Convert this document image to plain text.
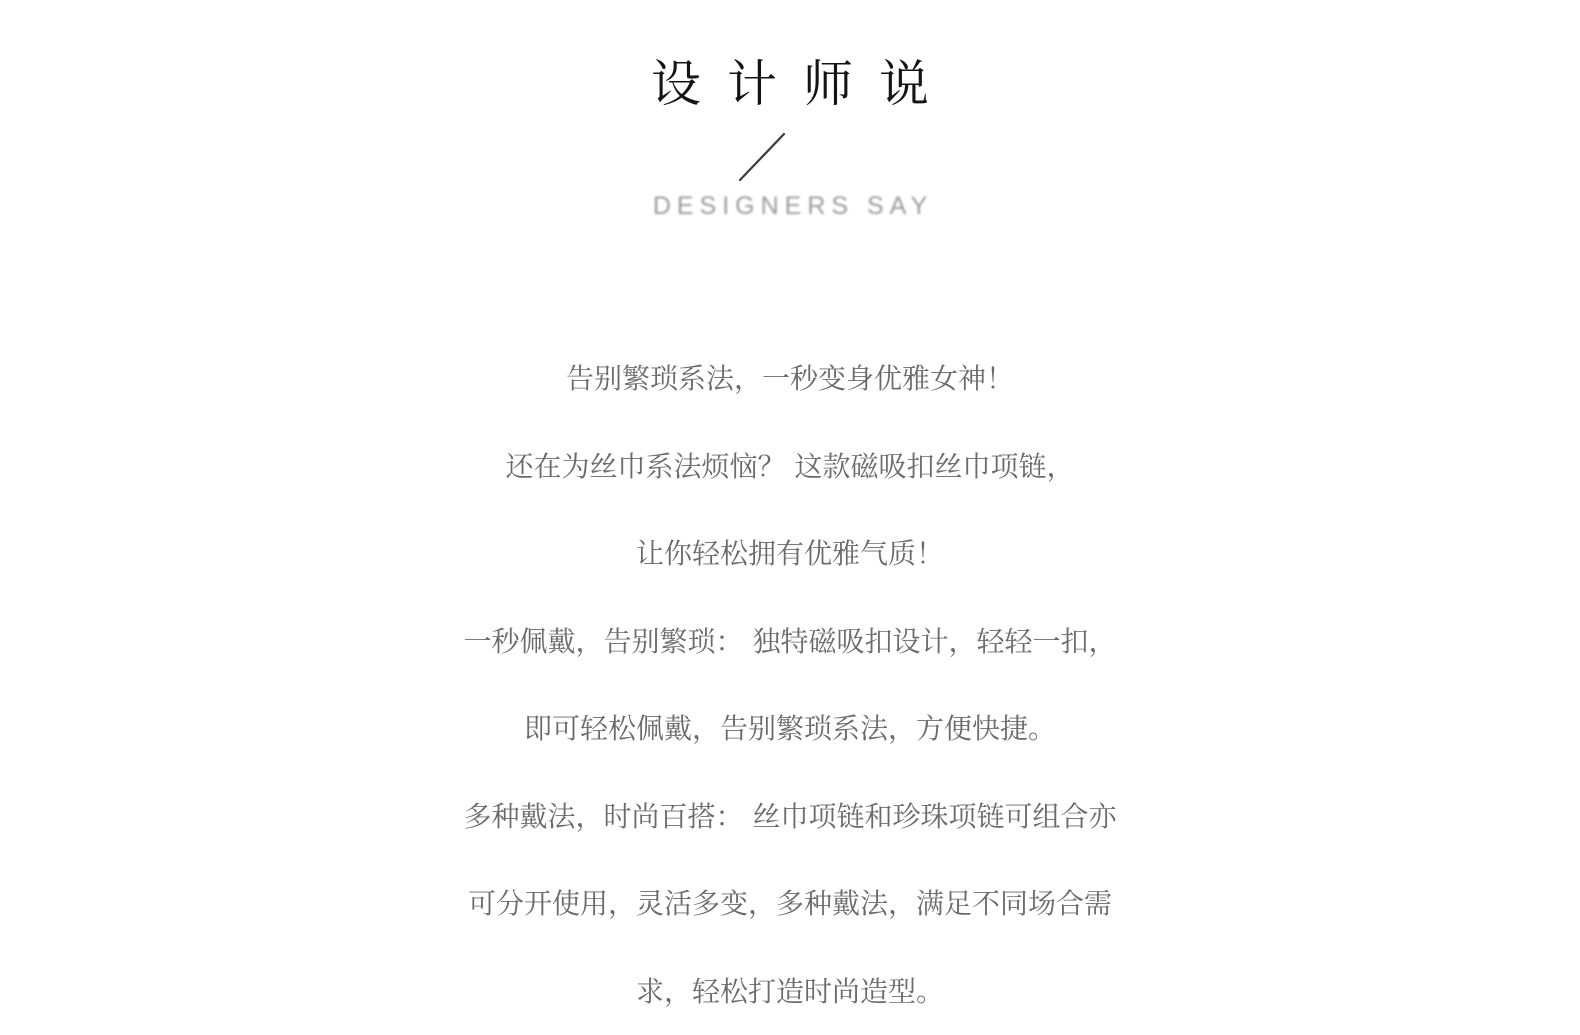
设计师说
DESIGNERS SAY
告别繁琐系法，一秒变身优雅女神！
还在为丝巾系法烦恼？ 这款磁吸扣丝巾项链，
让你轻松拥有优雅气质！
一秒佩戴，告别繁琐： 独特磁吸扣设计，轻轻一扣，
即可轻松佩戴，告别繁琐系法，方便快捷。
多种戴法，时尚百搭： 丝巾项链和珍珠项链可组合亦
可分开使用，灵活多变，多种戴法，满足不同场合需
求，轻松打造时尚造型。
